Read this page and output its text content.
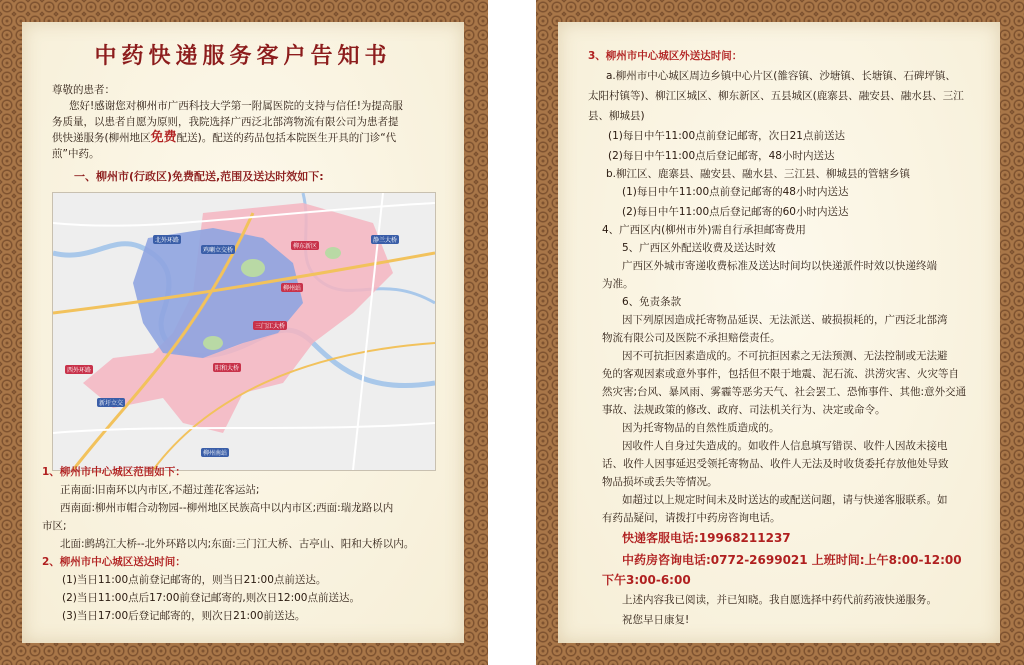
中药快递服务客户告知书
尊敬的患者：
您好!感谢您对柳州市广西科技大学第一附属医院的支持与信任!为提高服
务质量，以患者自愿为原则，我院选择广西泛北部湾物流有限公司为患者提
供快递服务(柳州地区免费配送)。配送的药品包括本院医生开具的门诊“代
煎”中药。
一、柳州市(行政区)免费配送,范围及送达时效如下:
北外环路
鸡喇立交桥
柳东新区
静兰大桥
柳州站
三门江大桥
西外环路	阳和大桥
新圩立交
柳州南站
1、柳州市中心城区范围如下：
正南面:旧南环以内市区,不超过莲花客运站;
西南面:柳州市帽合动物园--柳州地区民族高中以内市区;西面:瑞龙路以内
市区;
北面:鹧鸪江大桥--北外环路以内;东面:三门江大桥、古亭山、阳和大桥以内。
2、柳州市中心城区送达时间：
(1)当日11:00点前登记邮寄的，则当日21:00点前送达。
(2)当日11:00点后17:00前登记邮寄的,则次日12:00点前送达。
(3)当日17:00后登记邮寄的，则次日21:00前送达。
3、柳州市中心城区外送达时间：
a.柳州市中心城区周边乡镇中心片区(雒容镇、沙塘镇、长塘镇、石碑坪镇、
太阳村镇等)、柳江区城区、柳东新区、五县城区(鹿寨县、融安县、融水县、三江
县、柳城县)
(1)每日中午11:00点前登记邮寄，次日21点前送达
(2)每日中午11:00点后登记邮寄，48小时内送达
b.柳江区、鹿寨县、融安县、融水县、三江县、柳城县的管辖乡镇
(1)每日中午11:00点前登记邮寄的48小时内送达
(2)每日中午11:00点后登记邮寄的60小时内送达
4、广西区内(柳州市外)需自行承担邮寄费用
5、广西区外配送收费及送达时效
广西区外城市寄递收费标准及送达时间均以快递派件时效以快递终端
为准。
6、免责条款
因下列原因造成托寄物品延误、无法派送、破损损耗的，广西泛北部湾
物流有限公司及医院不承担赔偿责任。
因不可抗拒因素造成的。不可抗拒因素之无法预测、无法控制或无法避
免的客观因素或意外事件，包括但不限于地震、泥石流、洪涝灾害、火灾等自
然灾害;台风、暴风雨、雾霾等恶劣天气、社会罢工、恐怖事件、其他:意外交通
事故、法规政策的修改、政府、司法机关行为、决定或命令。
因为托寄物品的自然性质造成的。
因收件人自身过失造成的。如收件人信息填写错误、收件人因故未接电
话、收件人因事延迟受领托寄物品、收件人无法及时收货委托存放他处导致
物品损坏或丢失等情况。
如超过以上规定时间未及时送达的或配送问题，请与快递客服联系。如
有药品疑问，请拨打中药房咨询电话。
快递客服电话:19968211237
中药房咨询电话:0772-2699021 上班时间:上午8:00-12:00
下午3:00-6:00
上述内容我已阅读，并已知晓。我自愿选择中药代前药液快递服务。
祝您早日康复!
